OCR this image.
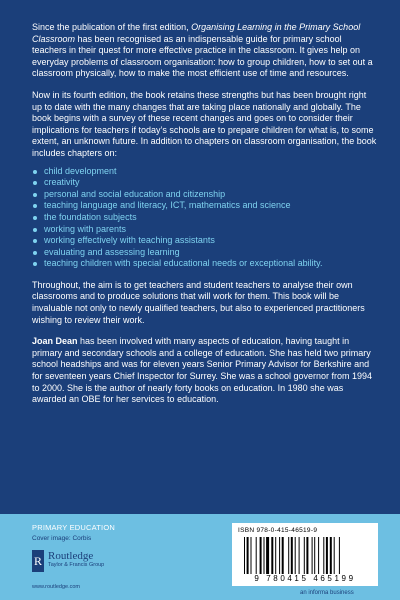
Since the publication of the first edition, Organising Learning in the Primary School Classroom has been recognised as an indispensable guide for primary school teachers in their quest for more effective practice in the classroom. It gives help on everyday problems of classroom organisation: how to group children, how to set out a classroom physically, how to make the most efficient use of time and resources.

Now in its fourth edition, the book retains these strengths but has been brought right up to date with the many changes that are taking place nationally and globally. The book begins with a survey of these recent changes and goes on to consider their implications for teachers if today’s schools are to prepare children for what is, to some extent, an unknown future. In addition to chapters on classroom organisation, the book includes chapters on:

child development
creativity
personal and social education and citizenship
teaching language and literacy, ICT, mathematics and science
the foundation subjects
working with parents
working effectively with teaching assistants
evaluating and assessing learning
teaching children with special educational needs or exceptional ability.

Throughout, the aim is to get teachers and student teachers to analyse their own classrooms and to produce solutions that will work for them. This book will be invaluable not only to newly qualified teachers, but also to experienced practitioners wishing to review their work.

Joan Dean has been involved with many aspects of education, having taught in primary and secondary schools and a college of education. She has held two primary school headships and was for eleven years Senior Primary Advisor for Berkshire and for seventeen years Chief Inspector for Surrey. She was a school governor from 1994 to 2000. She is the author of nearly forty books on education. In 1980 she was awarded an OBE for her services to education.

PRIMARY EDUCATION
Cover image: Corbis
R Routledge
Taylor & Francis Group
www.routledge.com
ISBN 978-0-415-46519-9
9 780415 465199
an informa business
